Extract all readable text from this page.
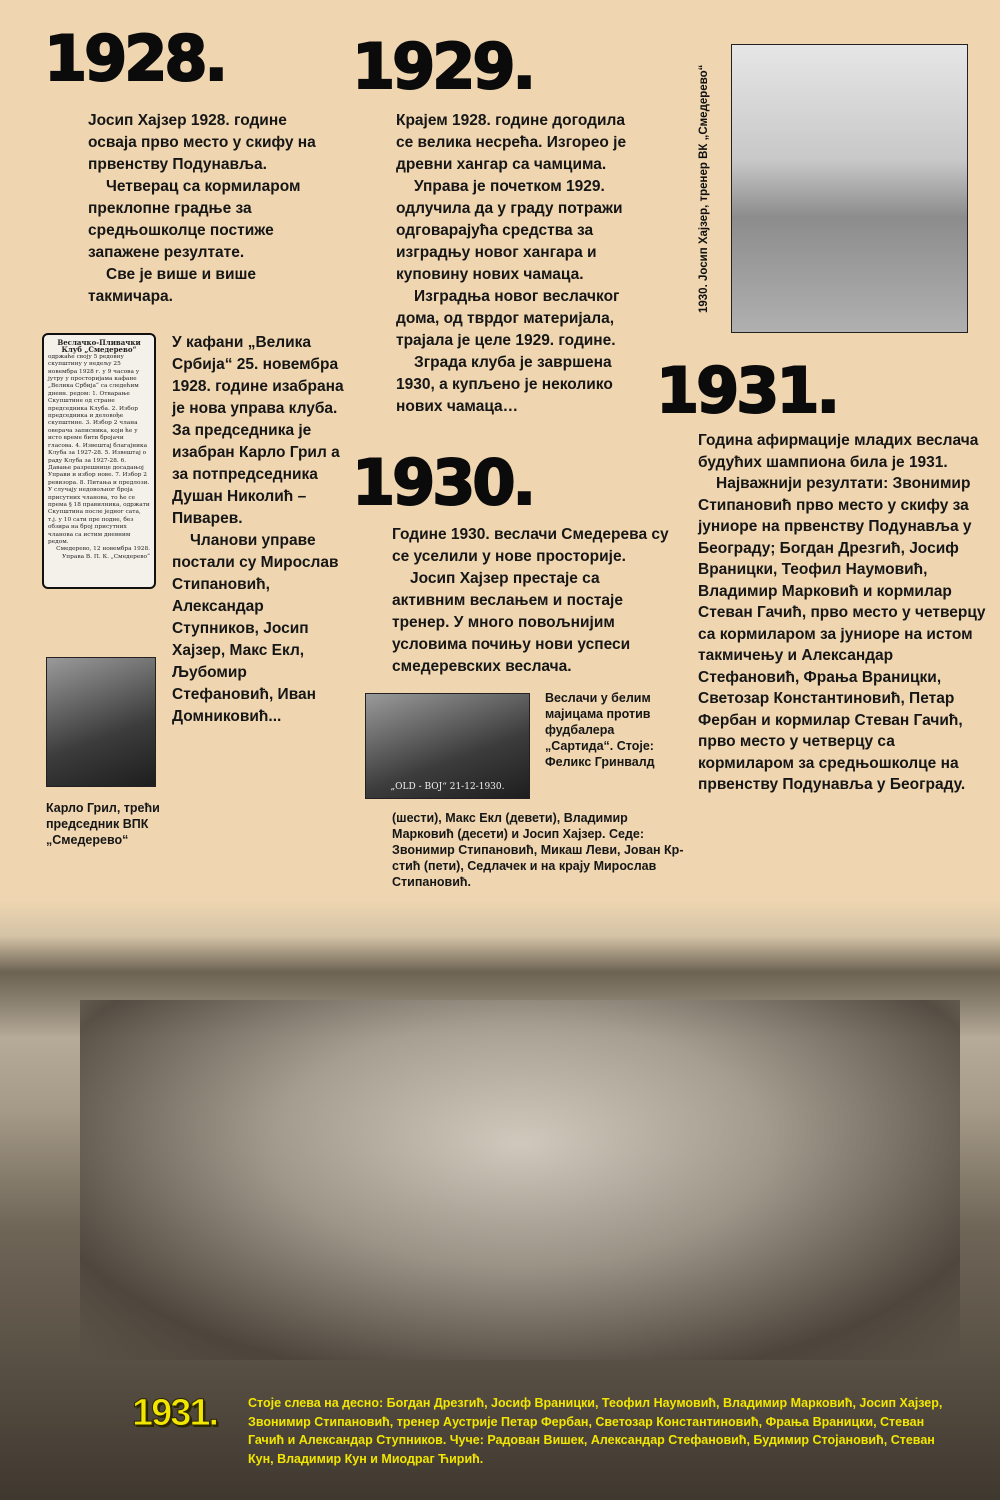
1928. 1929.
1930.
1931.

Јосип Хајзер 1928. године осваја прво место у скифу на првенству Подунавља.

Четверац са кормиларом преклопне градње за средњошколце постиже запажене резултате.

Све је више и више такмичара.

Веслачко-Пливачки Клуб „Смедерево“
одржаће своју 5 редовну скупштину у недељу 25 новембра 1928 г. у 9 часова у јутру у просторијама кафане „Велика Србија“ са следећим дневн. редом: 1. Отварање Скупштине од стране председника Клуба. 2. Избор председника и деловође скупштине. 3. Избор 2 члана оверача записника, који ће у исто време бити бројачи гласова. 4. Извештај благајника Клуба за 1927-28. 5. Извештај о раду Клуба за 1927-28. 6. Давање разрешнице досадањој Управи и избор нове. 7. Избор 2 ревизора. 8. Питања и предлози. У случају недовољног броја присутних чланова, то ће се према § 18 правилника, одржати Скупштина после једног сата, т.ј. у 10 сати пре подне, без обзира на број присутних чланова са истим дневним редом.
Смедерево, 12 новембра 1928. Управа В. П. К. „Смедерево“

У кафани „Велика Србија“ 25. новембра 1928. године изабрана је нова управа клуба. За председника је изабран Карло Грил а за потпредседника Душан Николић – Пиварев.

Чланови управе постали су Мирослав Стипановић, Александар Ступников, Јосип Хајзер, Макс Екл, Љубомир Стефановић, Иван Домниковић...

Карло Грил, трећи председник ВПК „Смедерево“

Крајем 1928. године догодила се велика несрећа. Изгорео је древни хангар са чамцима.

Управа је почетком 1929. одлучила да у граду потражи одговарајућа средства за изградњу новог хангара и куповину нових чамаца.

Изградња новог веслачког дома, од тврдог материјала, трајала је целе 1929. године.

Зграда клуба је завршена 1930, а купљено је неколико нових чамаца…

Године 1930. веслачи Смедерева су се уселили у нове просторије.

Јосип Хајзер престаје са активним веслањем и постаје тренер. У много повољнијим условима почињу нови успеси смедеревских веслача.

„OLD - BOJ“ 21-12-1930.
Веслачи у белим мајицама против фудбалера „Сартида“. Стоје: Феликс Гринвалд
(шести), Макс Екл (девети), Владимир Марковић (десети) и Јосип Хајзер. Седе: Звонимир Стипановић, Микаш Леви, Јован Крстић (пети), Седлачек и на крају Мирослав Стипановић.
1930. Јосип Хајзер, тренер ВК „Смедерево“

Година афирмације младих веслача будућих шампиона била је 1931.

Најважнији резултати: Звонимир Стипановић прво место у скифу за јуниоре на првенству Подунавља у Београду; Богдан Дрезгић, Јосиф Враницки, Теофил Наумовић, Владимир Марковић и кормилар Стеван Гачић, прво место у четверцу са кормиларом за јуниоре на истом такмичењу и Александар Стефановић, Фрања Враницки, Светозар Константиновић, Петар Фербан и кормилар Стеван Гачић, прво место у четверцу са кормиларом за средњошколце на првенству Подунавља у Београду.

1931. Стоје слева на десно: Богдан Дрезгић, Јосиф Враницки, Теофил Наумовић, Владимир Марковић, Јосип Хајзер, Звонимир Стипановић, тренер Аустрије Петар Фербан, Светозар Константиновић, Фрања Враницки, Стеван Гачић и Александар Ступников. Чуче: Радован Вишек, Александар Стефановић, Будимир Стојановић, Стеван Кун, Владимир Кун и Миодраг Ћирић.
